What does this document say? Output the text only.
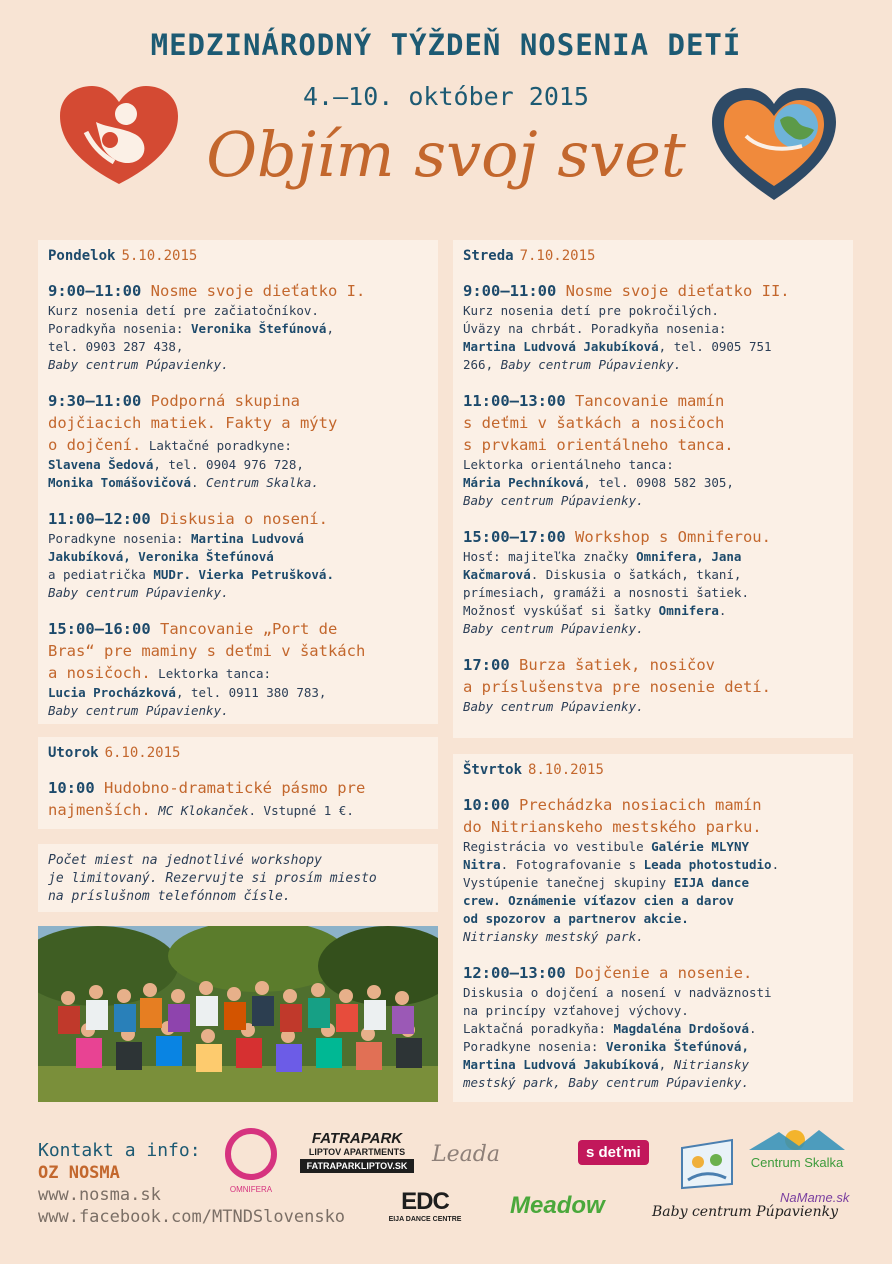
MEDZINÁRODNÝ TÝŽDEŇ NOSENIA DETÍ
4.–10. október 2015
Objím svoj svet
Pondelok 5.10.2015
9:00–11:00 Nosme svoje dieťatko I.
Kurz nosenia detí pre začiatočníkov.
Poradkyňa nosenia: Veronika Štefúnová,
tel. 0903 287 438,
Baby centrum Púpavienky.
9:30–11:00 Podporná skupina
dojčiacich matiek. Fakty a mýty
o dojčení. Laktačné poradkyne:
Slavena Šedová, tel. 0904 976 728,
Monika Tomášovičová. Centrum Skalka.
11:00–12:00 Diskusia o nosení.
Poradkyne nosenia: Martina Ludvová
Jakubíková, Veronika Štefúnová
a pediatrička MUDr. Vierka Petrušková.
Baby centrum Púpavienky.
15:00–16:00 Tancovanie „Port de
Bras“ pre maminy s deťmi v šatkách
a nosičoch. Lektorka tanca:
Lucia Procházková, tel. 0911 380 783,
Baby centrum Púpavienky.
Utorok 6.10.2015
10:00 Hudobno-dramatické pásmo pre
najmenších. MC Klokanček. Vstupné 1 €.
Počet miest na jednotlivé workshopy
je limitovaný. Rezervujte si prosím miesto
na príslušnom telefónnom čísle.
Streda 7.10.2015
9:00–11:00 Nosme svoje dieťatko II.
Kurz nosenia detí pre pokročilých.
Úväzy na chrbát. Poradkyňa nosenia:
Martina Ludvová Jakubíková, tel. 0905 751
266, Baby centrum Púpavienky.
11:00–13:00 Tancovanie mamín
s deťmi v šatkách a nosičoch
s prvkami orientálneho tanca.
Lektorka orientálneho tanca:
Mária Pechníková, tel. 0908 582 305,
Baby centrum Púpavienky.
15:00–17:00 Workshop s Omniferou.
Hosť: majiteľka značky Omnifera, Jana
Kačmarová. Diskusia o šatkách, tkaní,
prímesiach, gramáži a nosnosti šatiek.
Možnosť vyskúšať si šatky Omnifera.
Baby centrum Púpavienky.
17:00 Burza šatiek, nosičov
a príslušenstva pre nosenie detí.
Baby centrum Púpavienky.
Štvrtok 8.10.2015
10:00 Prechádzka nosiacich mamín
do Nitrianskeho mestského parku.
Registrácia vo vestibule Galérie MLYNY
Nitra. Fotografovanie s Leada photostudio.
Vystúpenie tanečnej skupiny EIJA dance
crew. Oznámenie víťazov cien a darov
od spozorov a partnerov akcie.
Nitriansky mestský park.
12:00–13:00 Dojčenie a nosenie.
Diskusia o dojčení a nosení v nadväznosti
na princípy vzťahovej výchovy.
Laktačná poradkyňa: Magdaléna Drdošová.
Poradkyne nosenia: Veronika Štefúnová,
Martina Ludvová Jakubíková, Nitriansky
mestský park, Baby centrum Púpavienky.
Kontakt a info:
OZ NOSMA
www.nosma.sk
www.facebook.com/MTNDSlovensko
OMNIFERA
FATRAPARK
LIPTOV APARTMENTS
FATRAPARKLIPTOV.SK	Leada	s deťmi
Centrum Skalka
EDC
EIJA DANCE CENTRE
Meadow	Baby centrum Púpavienky
NaMame.sk
